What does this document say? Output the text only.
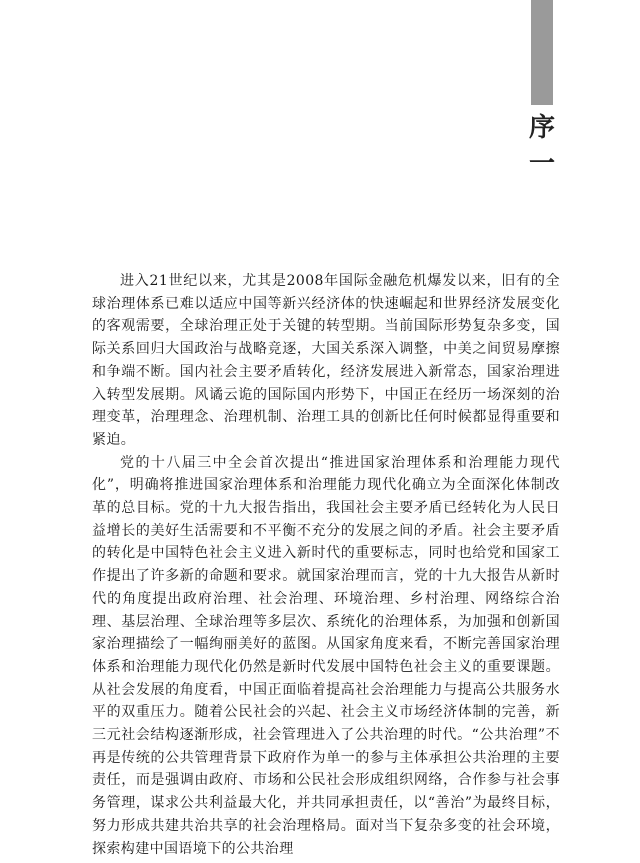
序
一

进入21世纪以来，尤其是2008年国际金融危机爆发以来，旧有的全球治理体系已难以适应中国等新兴经济体的快速崛起和世界经济发展变化的客观需要，全球治理正处于关键的转型期。当前国际形势复杂多变，国际关系回归大国政治与战略竞逐，大国关系深入调整，中美之间贸易摩擦和争端不断。国内社会主要矛盾转化，经济发展进入新常态，国家治理进入转型发展期。风谲云诡的国际国内形势下，中国正在经历一场深刻的治理变革，治理理念、治理机制、治理工具的创新比任何时候都显得重要和紧迫。

党的十八届三中全会首次提出“推进国家治理体系和治理能力现代化”，明确将推进国家治理体系和治理能力现代化确立为全面深化体制改革的总目标。党的十九大报告指出，我国社会主要矛盾已经转化为人民日益增长的美好生活需要和不平衡不充分的发展之间的矛盾。社会主要矛盾的转化是中国特色社会主义进入新时代的重要标志，同时也给党和国家工作提出了许多新的命题和要求。就国家治理而言，党的十九大报告从新时代的角度提出政府治理、社会治理、环境治理、乡村治理、网络综合治理、基层治理、全球治理等多层次、系统化的治理体系，为加强和创新国家治理描绘了一幅绚丽美好的蓝图。从国家角度来看，不断完善国家治理体系和治理能力现代化仍然是新时代发展中国特色社会主义的重要课题。从社会发展的角度看，中国正面临着提高社会治理能力与提高公共服务水平的双重压力。随着公民社会的兴起、社会主义市场经济体制的完善，新三元社会结构逐渐形成，社会管理进入了公共治理的时代。“公共治理”不再是传统的公共管理背景下政府作为单一的参与主体承担公共治理的主要责任，而是强调由政府、市场和公民社会形成组织网络，合作参与社会事务管理，谋求公共利益最大化，并共同承担责任，以“善治”为最终目标，努力形成共建共治共享的社会治理格局。面对当下复杂多变的社会环境，探索构建中国语境下的公共治理
